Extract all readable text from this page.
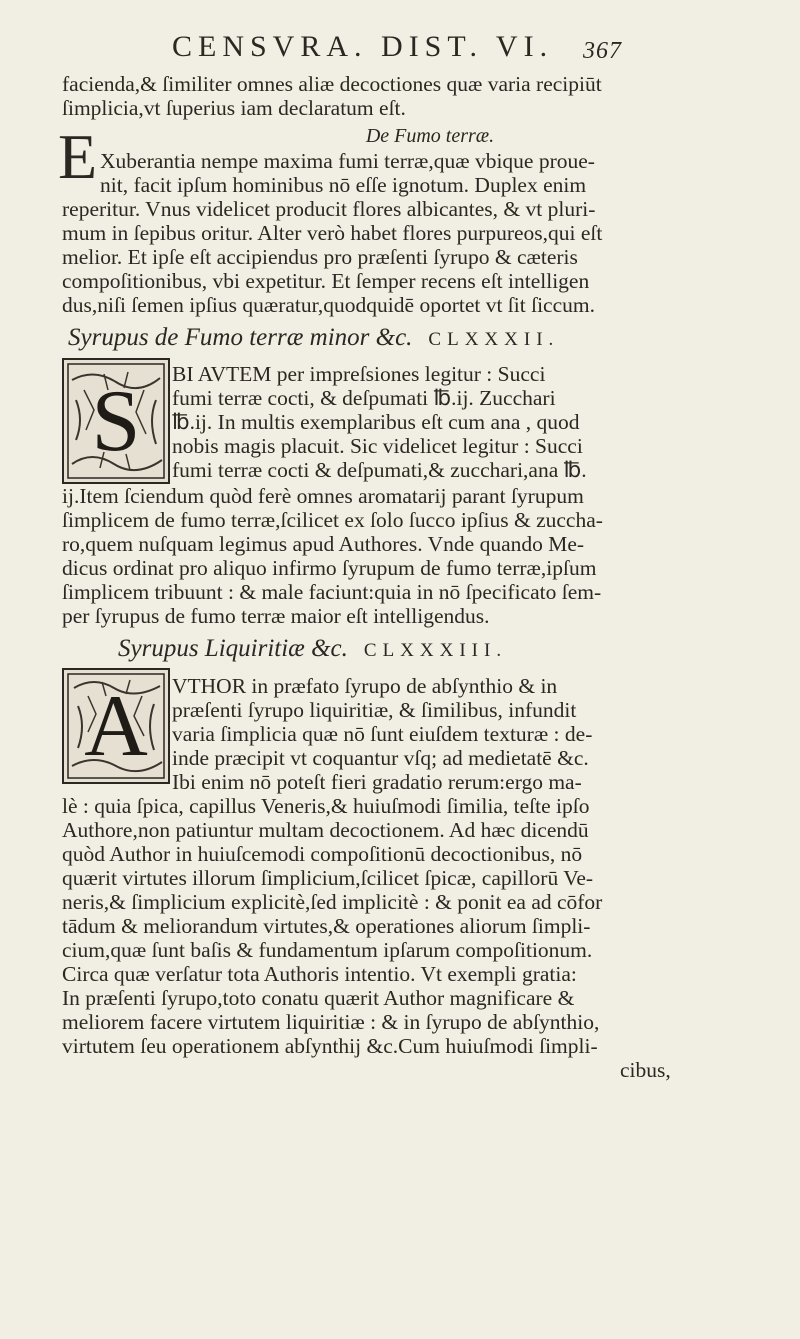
CENSVRA. DIST. VI. 367
facienda,& ſimiliter omnes aliæ decoctiones quæ varia recipiūt
ſimplicia,vt ſuperius iam declaratum eſt.
De Fumo terræ.
E Xuberantia nempe maxima fumi terræ,quæ vbique proue-
nit, facit ipſum hominibus nō eſſe ignotum. Duplex enim
reperitur. Vnus videlicet producit flores albicantes, & vt pluri-
mum in ſepibus oritur. Alter verò habet flores purpureos,qui eſt
melior. Et ipſe eſt accipiendus pro præſenti ſyrupo & cæteris
compoſitionibus, vbi expetitur. Et ſemper recens eſt intelligen
dus,niſi ſemen ipſius quæratur,quodquidē oportet vt ſit ſiccum.
Syrupus de Fumo terræ minor &c. CLXXXII.
S	BI AVTEM per impreſsiones legitur : Succi
fumi terræ cocti, & deſpumati ℔.ij. Zucchari
℔.ij. In multis exemplaribus eſt cum ana , quod
nobis magis placuit. Sic videlicet legitur : Succi
fumi terræ cocti & deſpumati,& zucchari,ana ℔.
ij.Item ſciendum quòd ferè omnes aromatarij parant ſyrupum
ſimplicem de fumo terræ,ſcilicet ex ſolo ſucco ipſius & zuccha-
ro,quem nuſquam legimus apud Authores. Vnde quando Me-
dicus ordinat pro aliquo infirmo ſyrupum de fumo terræ,ipſum
ſimplicem tribuunt : & male faciunt:quia in nō ſpecificato ſem-
per ſyrupus de fumo terræ maior eſt intelligendus.
Syrupus Liquiritiæ &c. CLXXXIII.
A	VTHOR in præfato ſyrupo de abſynthio & in
præſenti ſyrupo liquiritiæ, & ſimilibus, infundit
varia ſimplicia quæ nō ſunt eiuſdem texturæ : de-
inde præcipit vt coquantur vſq; ad medietatē &c.
Ibi enim nō poteſt fieri gradatio rerum:ergo ma-
lè : quia ſpica, capillus Veneris,& huiuſmodi ſimilia, teſte ipſo
Authore,non patiuntur multam decoctionem. Ad hæc dicendū
quòd Author in huiuſcemodi compoſitionū decoctionibus, nō
quærit virtutes illorum ſimplicium,ſcilicet ſpicæ, capillorū Ve-
neris,& ſimplicium explicitè,ſed implicitè : & ponit ea ad cōfor
tādum & meliorandum virtutes,& operationes aliorum ſimpli-
cium,quæ ſunt baſis & fundamentum ipſarum compoſitionum.
Circa quæ verſatur tota Authoris intentio. Vt exempli gratia:
In præſenti ſyrupo,toto conatu quærit Author magnificare &
meliorem facere virtutem liquiritiæ : & in ſyrupo de abſynthio,
virtutem ſeu operationem abſynthij &c.Cum huiuſmodi ſimpli-
cibus,
